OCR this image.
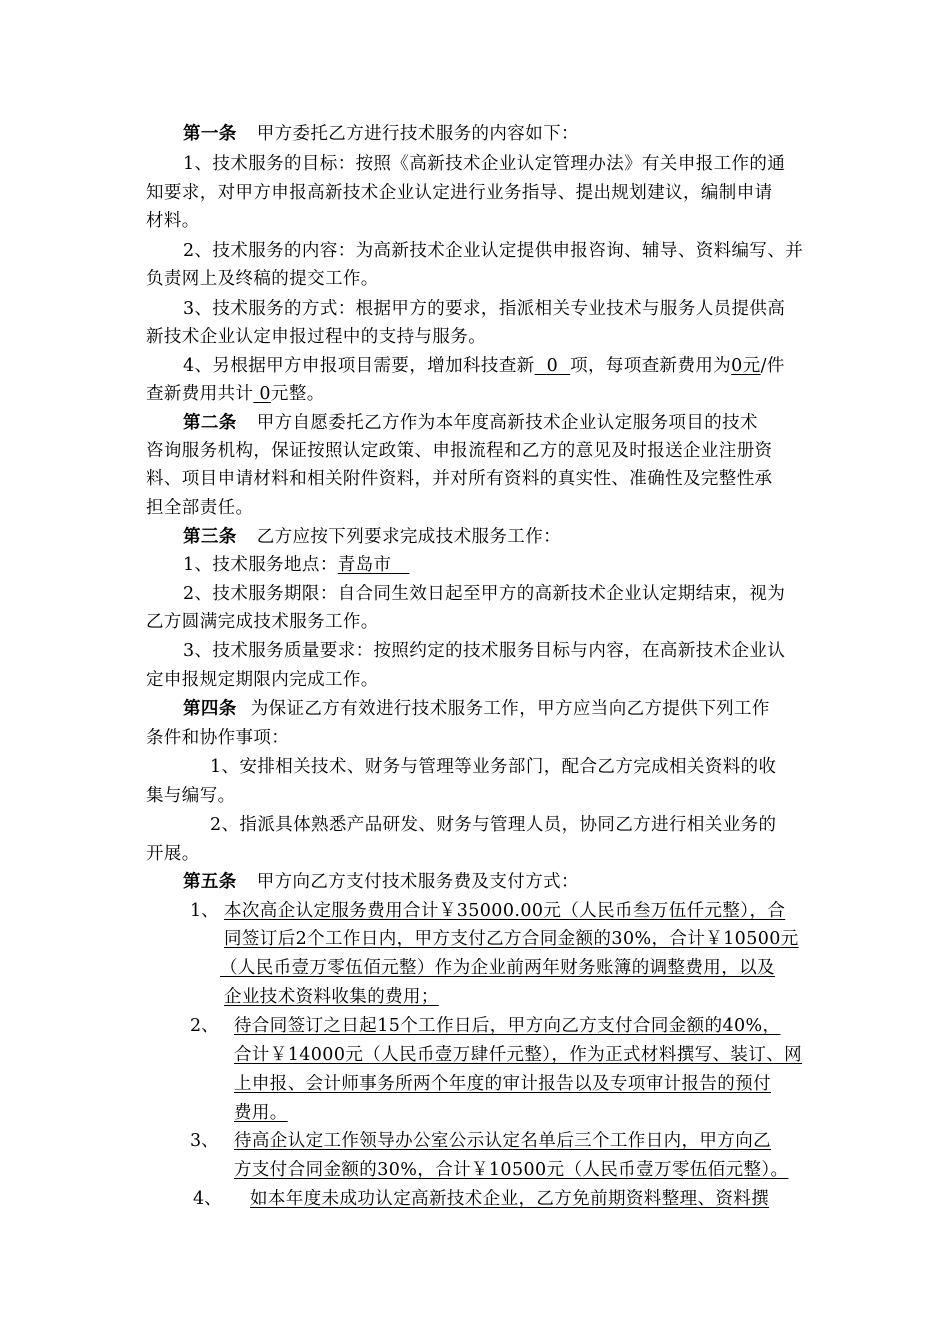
第一条 甲方委托乙方进行技术服务的内容如下：
1、技术服务的目标：按照《高新技术企业认定管理办法》有关申报工作的通
知要求，对甲方申报高新技术企业认定进行业务指导、提出规划建议，编制申请
材料。
2、技术服务的内容：为高新技术企业认定提供申报咨询、辅导、资料编写、并
负责网上及终稿的提交工作。
3、技术服务的方式：根据甲方的要求，指派相关专业技术与服务人员提供高
新技术企业认定申报过程中的支持与服务。
4、另根据甲方申报项目需要，增加科技查新 0 项，每项查新费用为0元/件
查新费用共计 0元整。
第二条 甲方自愿委托乙方作为本年度高新技术企业认定服务项目的技术
咨询服务机构，保证按照认定政策、申报流程和乙方的意见及时报送企业注册资
料、项目申请材料和相关附件资料，并对所有资料的真实性、准确性及完整性承
担全部责任。
第三条 乙方应按下列要求完成技术服务工作：
1、技术服务地点：青岛市
2、技术服务期限：自合同生效日起至甲方的高新技术企业认定期结束，视为
乙方圆满完成技术服务工作。
3、技术服务质量要求：按照约定的技术服务目标与内容，在高新技术企业认
定申报规定期限内完成工作。
第四条 为保证乙方有效进行技术服务工作，甲方应当向乙方提供下列工作
条件和协作事项：
1、安排相关技术、财务与管理等业务部门，配合乙方完成相关资料的收
集与编写。
2、指派具体熟悉产品研发、财务与管理人员，协同乙方进行相关业务的
开展。
第五条 甲方向乙方支付技术服务费及支付方式：
1、 本次高企认定服务费用合计￥35000.00元（人民币叁万伍仟元整），合
同签订后2个工作日内，甲方支付乙方合同金额的30%，合计￥10500元
（人民币壹万零伍佰元整）作为企业前两年财务账簿的调整费用，以及
企业技术资料收集的费用；
2、 待合同签订之日起15个工作日后，甲方向乙方支付合同金额的40%，
合计￥14000元（人民币壹万肆仟元整），作为正式材料撰写、装订、网
上申报、会计师事务所两个年度的审计报告以及专项审计报告的预付
费用。
3、 待高企认定工作领导办公室公示认定名单后三个工作日内，甲方向乙
方支付合同金额的30%，合计￥10500元（人民币壹万零伍佰元整）。
4、 如本年度未成功认定高新技术企业，乙方免前期资料整理、资料撰
